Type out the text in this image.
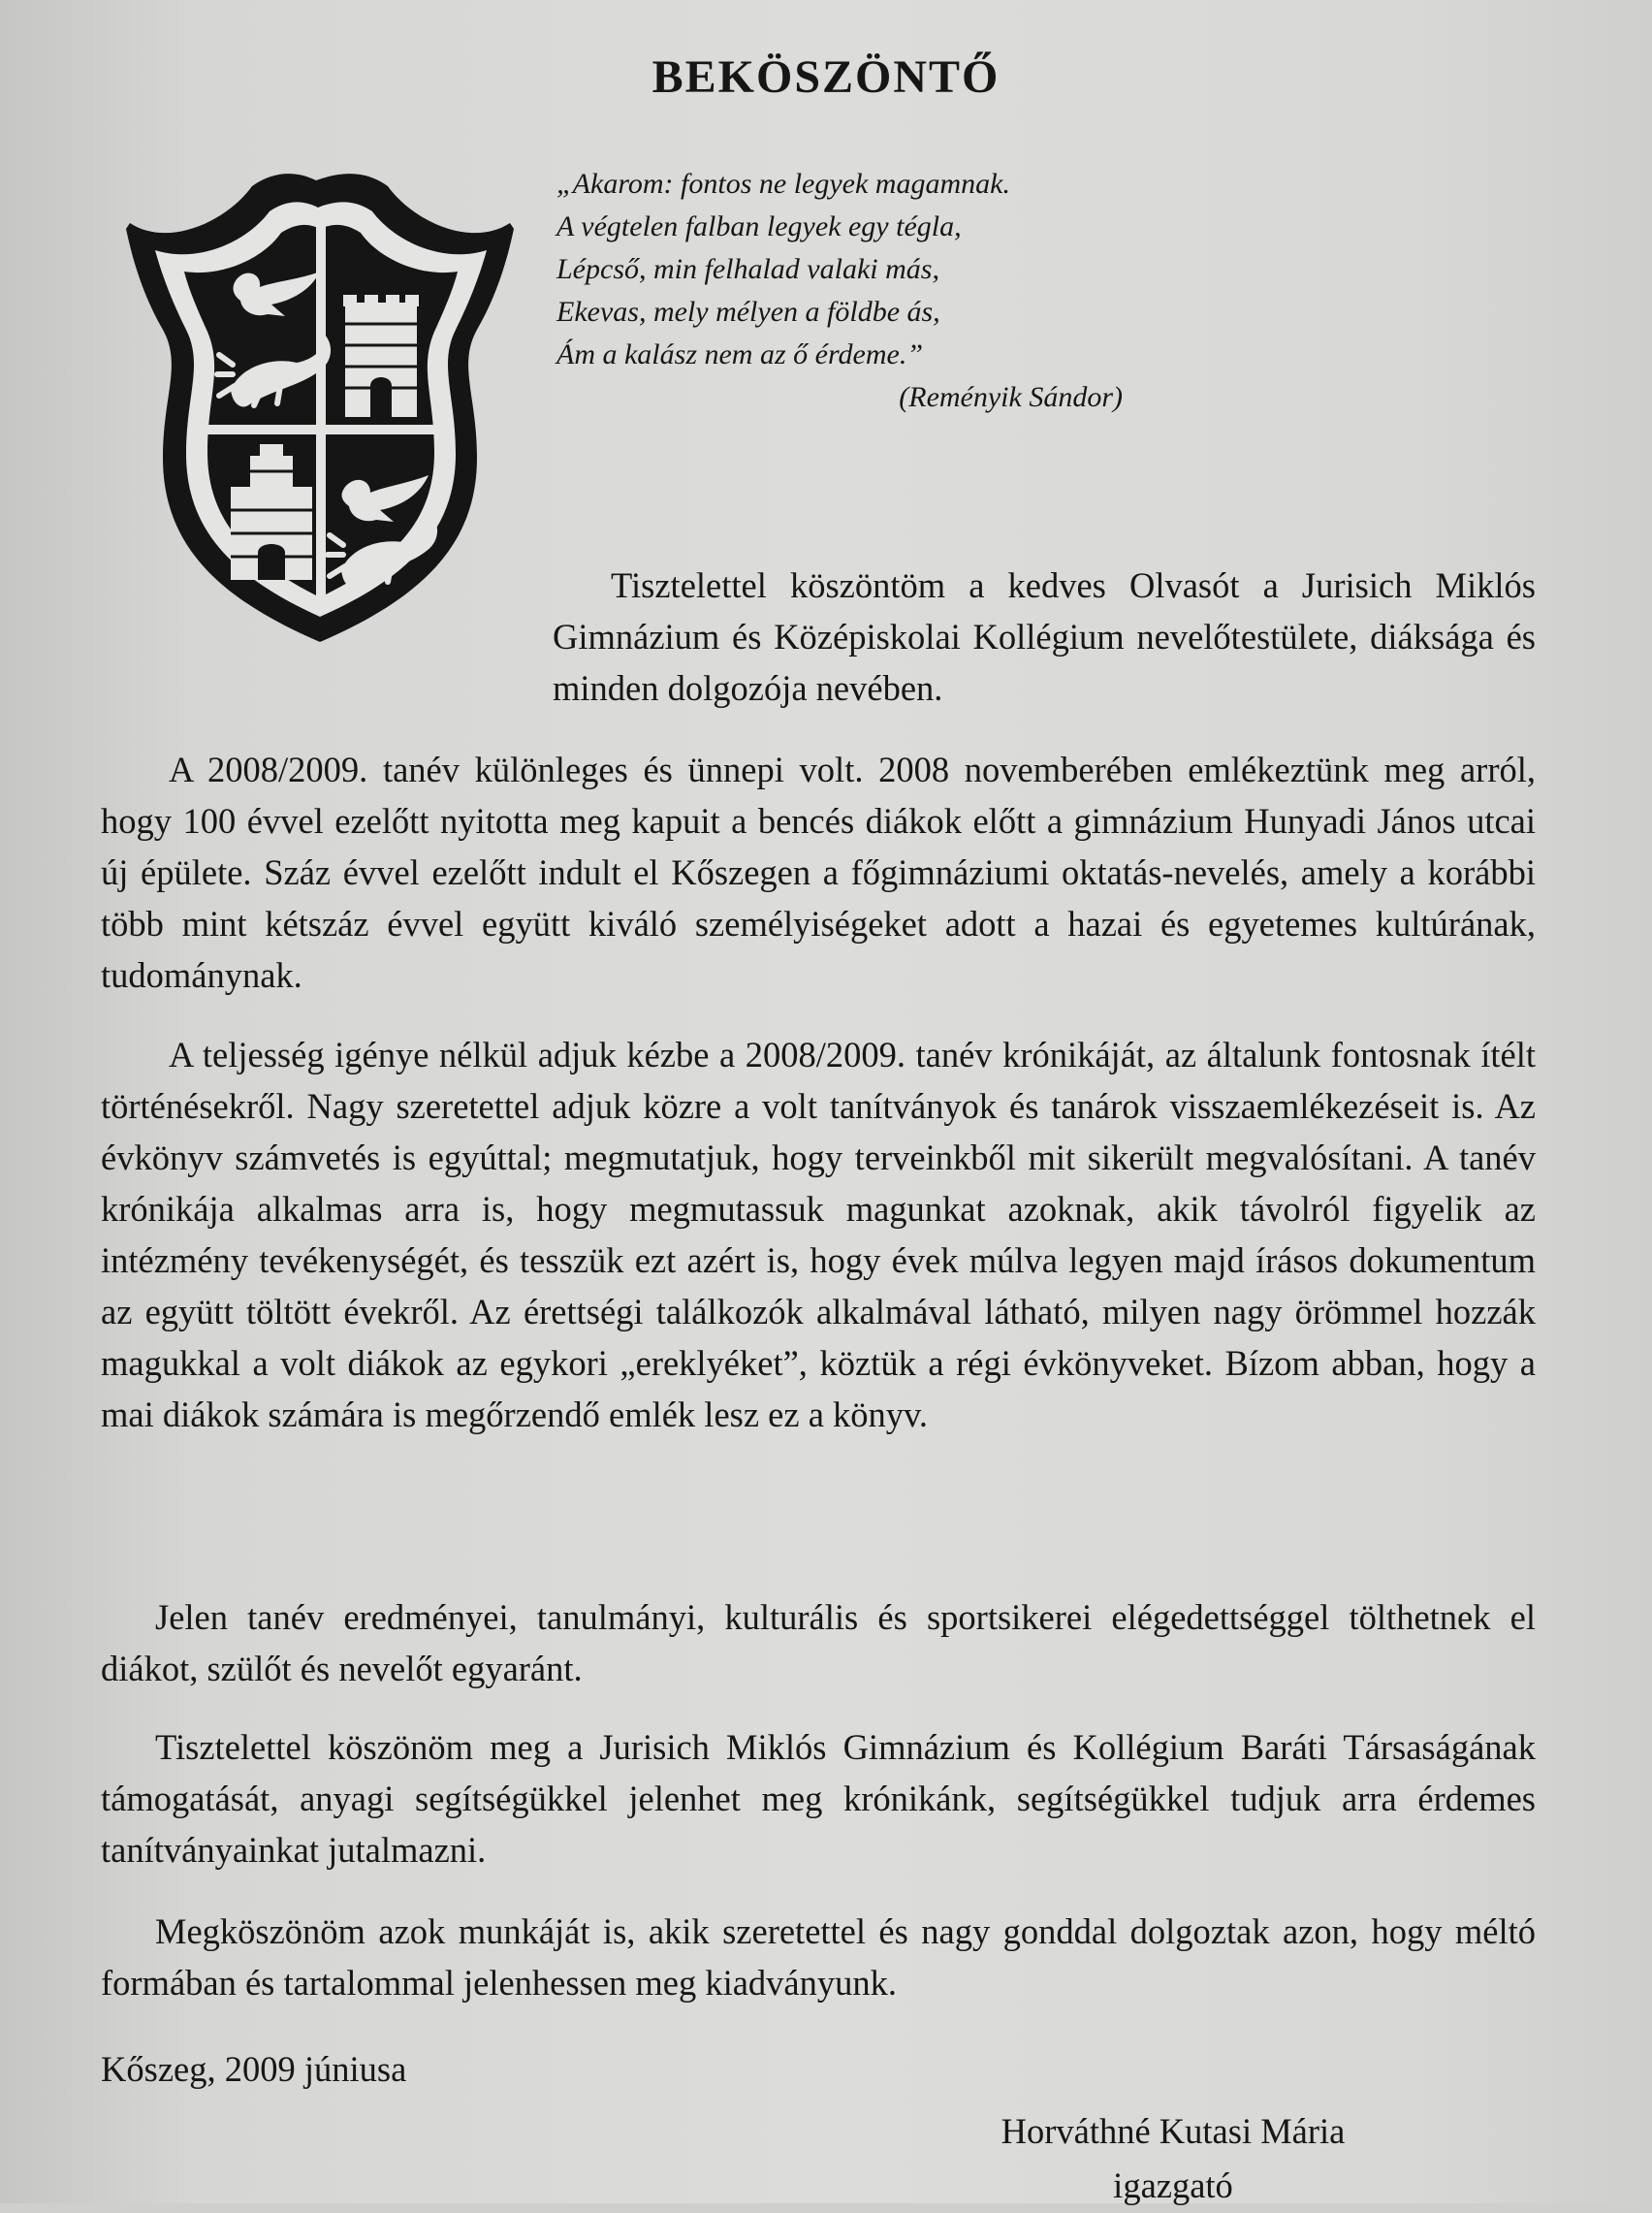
BEKÖSZÖNTŐ
„Akarom: fontos ne legyek magamnak.
A végtelen falban legyek egy tégla,
Lépcső, min felhalad valaki más,
Ekevas, mely mélyen a földbe ás,
Ám a kalász nem az ő érdeme.”
(Reményik Sándor)

Tisztelettel köszöntöm a kedves Olvasót a Jurisich Miklós Gimnázium és Középiskolai Kollégium nevelőtestülete, diáksága és minden dolgozója nevében.

A 2008/2009. tanév különleges és ünnepi volt. 2008 novemberében emlékeztünk meg arról, hogy 100 évvel ezelőtt nyitotta meg kapuit a bencés diákok előtt a gimnázium Hunyadi János utcai új épülete. Száz évvel ezelőtt indult el Kőszegen a főgimnáziumi oktatás-nevelés, amely a korábbi több mint kétszáz évvel együtt kiváló személyiségeket adott a hazai és egyetemes kultúrának, tudománynak.

A teljesség igénye nélkül adjuk kézbe a 2008/2009. tanév krónikáját, az általunk fontosnak ítélt történésekről. Nagy szeretettel adjuk közre a volt tanítványok és tanárok visszaemlékezéseit is. Az évkönyv számvetés is egyúttal; megmutatjuk, hogy terveinkből mit sikerült megvalósítani. A tanév krónikája alkalmas arra is, hogy megmutassuk magunkat azoknak, akik távolról figyelik az intézmény tevékenységét, és tesszük ezt azért is, hogy évek múlva legyen majd írásos dokumentum az együtt töltött évekről. Az érettségi találkozók alkalmával látható, milyen nagy örömmel hozzák magukkal a volt diákok az egykori „ereklyéket”, köztük a régi évkönyveket. Bízom abban, hogy a mai diákok számára is megőrzendő emlék lesz ez a könyv.

Jelen tanév eredményei, tanulmányi, kulturális és sportsikerei elégedettséggel tölthetnek el diákot, szülőt és nevelőt egyaránt.

Tisztelettel köszönöm meg a Jurisich Miklós Gimnázium és Kollégium Baráti Társaságának támogatását, anyagi segítségükkel jelenhet meg krónikánk, segítségükkel tudjuk arra érdemes tanítványainkat jutalmazni.

Megköszönöm azok munkáját is, akik szeretettel és nagy gonddal dolgoztak azon, hogy méltó formában és tartalommal jelenhessen meg kiadványunk.

Kőszeg, 2009 júniusa
Horváthné Kutasi Mária
igazgató
